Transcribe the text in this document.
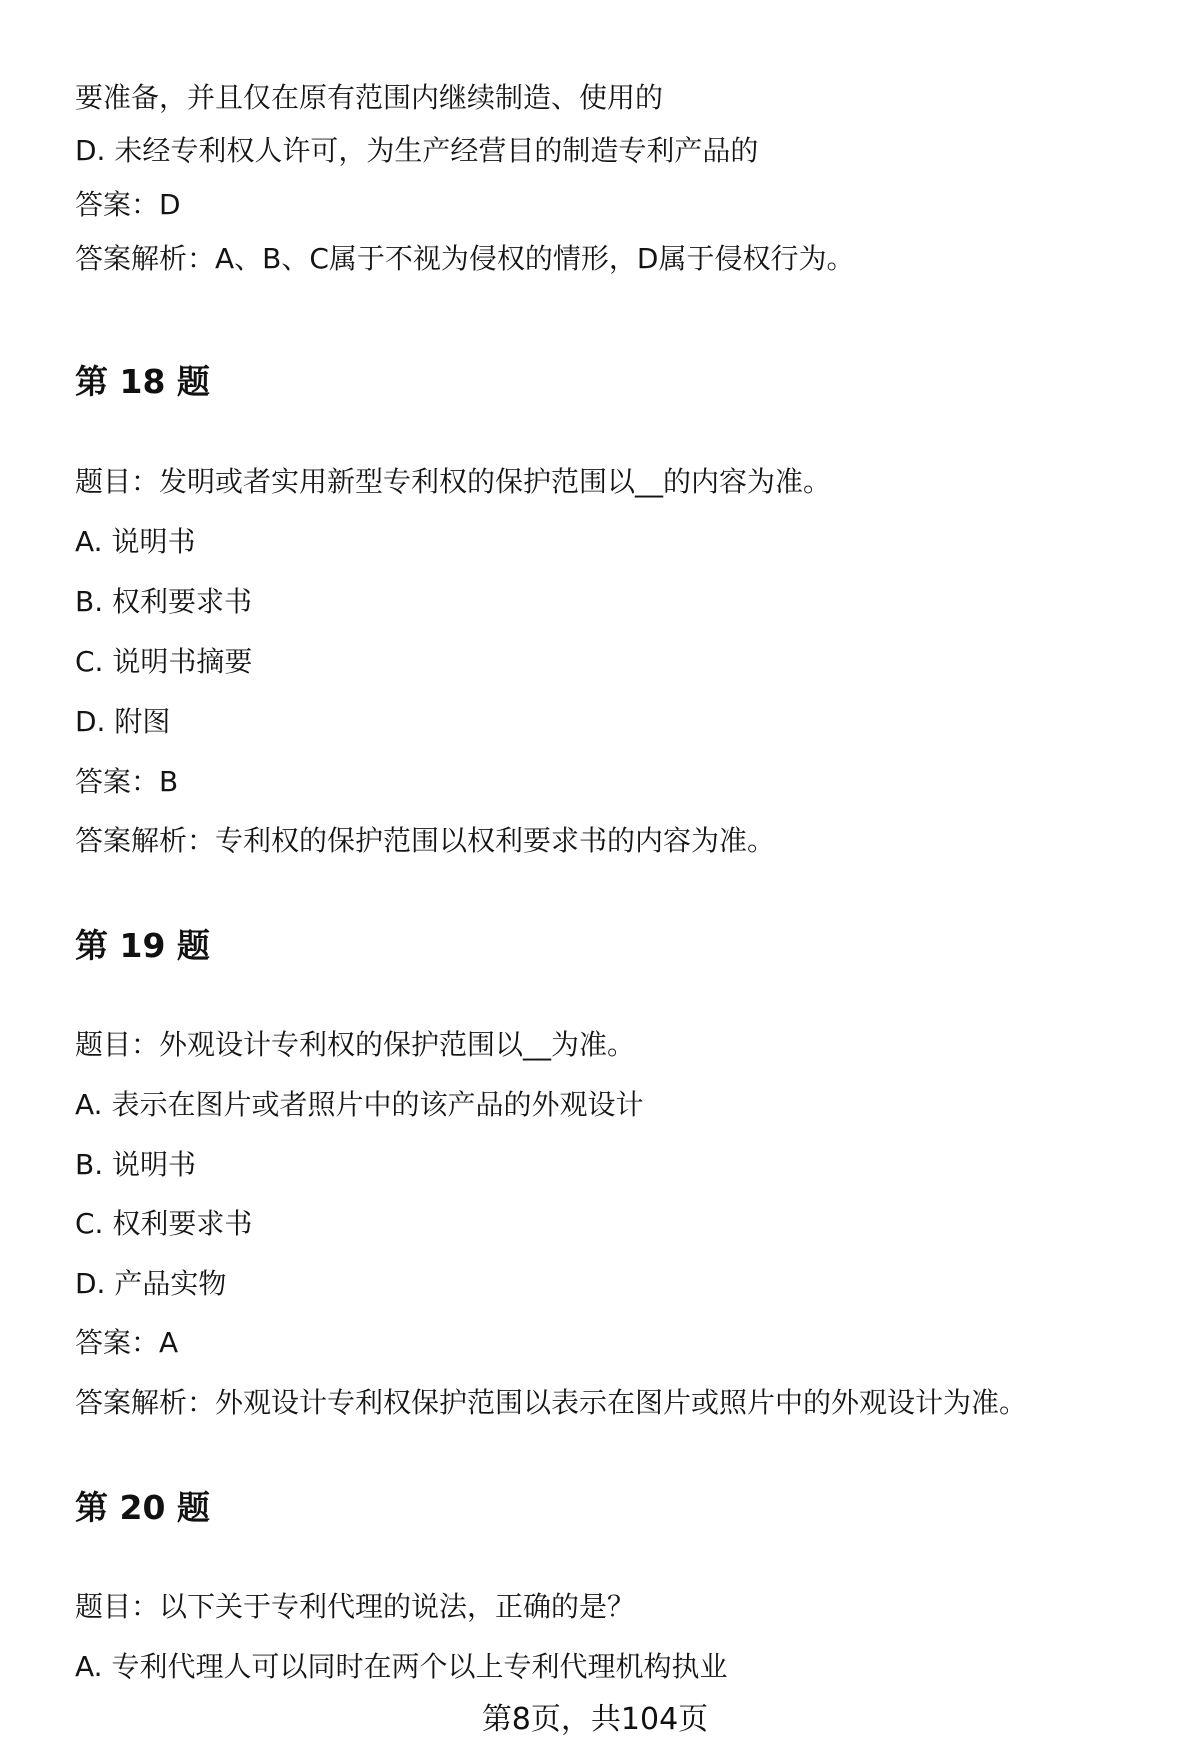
要准备，并且仅在原有范围内继续制造、使用的
D. 未经专利权人许可，为生产经营目的制造专利产品的
答案：D
答案解析：A、B、C属于不视为侵权的情形，D属于侵权行为。
第 18 题
题目：发明或者实用新型专利权的保护范围以__的内容为准。
A. 说明书
B. 权利要求书
C. 说明书摘要
D. 附图
答案：B
答案解析：专利权的保护范围以权利要求书的内容为准。
第 19 题
题目：外观设计专利权的保护范围以__为准。
A. 表示在图片或者照片中的该产品的外观设计
B. 说明书
C. 权利要求书
D. 产品实物
答案：A
答案解析：外观设计专利权保护范围以表示在图片或照片中的外观设计为准。
第 20 题
题目：以下关于专利代理的说法，正确的是？
A. 专利代理人可以同时在两个以上专利代理机构执业
第8页，共104页
